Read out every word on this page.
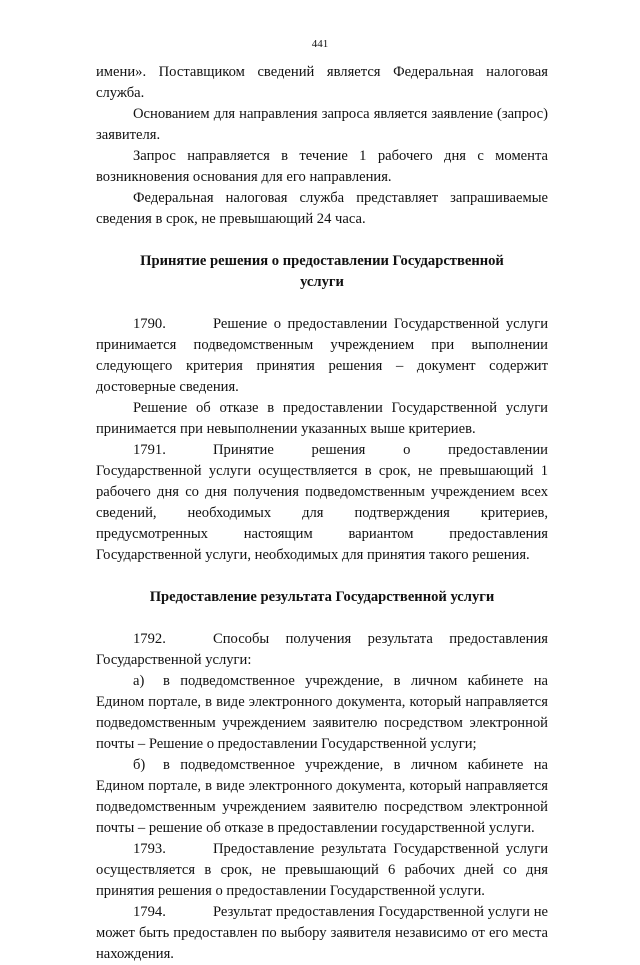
441

имени». Поставщиком сведений является Федеральная налоговая служба.

Основанием для направления запроса является заявление (запрос) заявителя.

Запрос направляется в течение 1 рабочего дня с момента возникновения основания для его направления.

Федеральная налоговая служба представляет запрашиваемые сведения в срок, не превышающий 24 часа.

Принятие решения о предоставлении Государственной услуги

1790.	Решение о предоставлении Государственной услуги принимается подведомственным учреждением при выполнении следующего критерия принятия решения – документ содержит достоверные сведения.

Решение об отказе в предоставлении Государственной услуги принимается при невыполнении указанных выше критериев.

1791.	Принятие решения о предоставлении Государственной услуги осуществляется в срок, не превышающий 1 рабочего дня со дня получения подведомственным учреждением всех сведений, необходимых для подтверждения критериев, предусмотренных настоящим вариантом предоставления Государственной услуги, необходимых для принятия такого решения.

Предоставление результата Государственной услуги

1792.	Способы получения результата предоставления Государственной услуги:

а) в подведомственное учреждение, в личном кабинете на Едином портале, в виде электронного документа, который направляется подведомственным учреждением заявителю посредством электронной почты – Решение о предоставлении Государственной услуги;

б) в подведомственное учреждение, в личном кабинете на Едином портале, в виде электронного документа, который направляется подведомственным учреждением заявителю посредством электронной почты – решение об отказе в предоставлении государственной услуги.

1793.	Предоставление результата Государственной услуги осуществляется в срок, не превышающий 6 рабочих дней со дня принятия решения о предоставлении Государственной услуги.

1794.	Результат предоставления Государственной услуги не может быть предоставлен по выбору заявителя независимо от его места нахождения.
